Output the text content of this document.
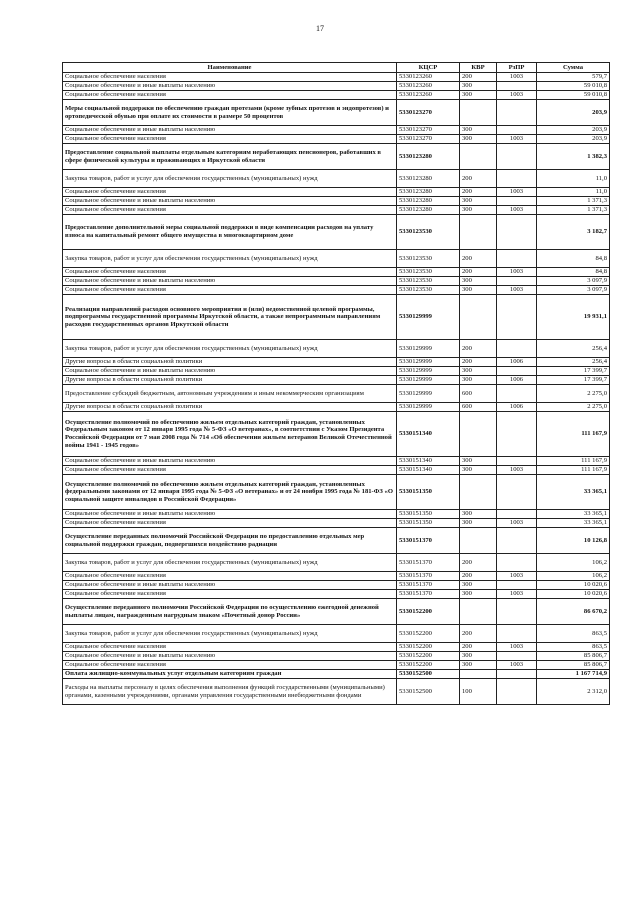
17
Наименование	КЦСР	КВР	РзПР	Сумма
Социальное обеспечение населения	5330123260	200	1003	579,7
Социальное обеспечение и иные выплаты населению	5330123260	300		59 010,8
Социальное обеспечение населения	5330123260	300	1003	59 010,8
Меры социальной поддержки по обеспечению граждан протезами (кроме зубных протезов и эндопротезов) и ортопедической обувью при оплате их стоимости в размере 50 процентов	5330123270			203,9
Социальное обеспечение и иные выплаты населению	5330123270	300		203,9
Социальное обеспечение населения	5330123270	300	1003	203,9
Предоставление социальной выплаты отдельным категориям неработающих пенсионеров, работавших в сфере физической культуры и проживающих в Иркутской области	5330123280			1 382,3
Закупка товаров, работ и услуг для обеспечения государственных (муниципальных) нужд	5330123280	200		11,0
Социальное обеспечение населения	5330123280	200	1003	11,0
Социальное обеспечение и иные выплаты населению	5330123280	300		1 371,3
Социальное обеспечение населения	5330123280	300	1003	1 371,3
Предоставление дополнительной меры социальной поддержки в виде компенсации расходов на уплату взноса на капитальный ремонт общего имущества в многоквартирном доме	5330123530			3 182,7
Закупка товаров, работ и услуг для обеспечения государственных (муниципальных) нужд	5330123530	200		84,8
Социальное обеспечение населения	5330123530	200	1003	84,8
Социальное обеспечение и иные выплаты населению	5330123530	300		3 097,9
Социальное обеспечение населения	5330123530	300	1003	3 097,9
Реализация направлений расходов основного мероприятия и (или) ведомственной целевой программы, подпрограммы государственной программы Иркутской области, а также непрограммным направлениям расходов государственных органов Иркутской области	5330129999			19 931,1
Закупка товаров, работ и услуг для обеспечения государственных (муниципальных) нужд	5330129999	200		256,4
Другие вопросы в области социальной политики	5330129999	200	1006	256,4
Социальное обеспечение и иные выплаты населению	5330129999	300		17 399,7
Другие вопросы в области социальной политики	5330129999	300	1006	17 399,7
Предоставление субсидий бюджетным, автономным учреждениям и иным некоммерческим организациям	5330129999	600		2 275,0
Другие вопросы в области социальной политики	5330129999	600	1006	2 275,0
Осуществление полномочий по обеспечению жильем отдельных категорий граждан, установленных Федеральным законом от 12 января 1995 года № 5-ФЗ «О ветеранах», в соответствии с Указом Президента Российской Федерации от 7 мая 2008 года № 714 «Об обеспечении жильем ветеранов Великой Отечественной войны 1941 - 1945 годов»	5330151340			111 167,9
Социальное обеспечение и иные выплаты населению	5330151340	300		111 167,9
Социальное обеспечение населения	5330151340	300	1003	111 167,9
Осуществление полномочий по обеспечению жильем отдельных категорий граждан, установленных федеральными законами от 12 января 1995 года № 5-ФЗ «О ветеранах» и от 24 ноября 1995 года № 181-ФЗ «О социальной защите инвалидов в Российской Федерации»	5330151350			33 365,1
Социальное обеспечение и иные выплаты населению	5330151350	300		33 365,1
Социальное обеспечение населения	5330151350	300	1003	33 365,1
Осуществление переданных полномочий Российской Федерации по предоставлению отдельных мер социальной поддержки граждан, подвергшихся воздействию радиации	5330151370			10 126,8
Закупка товаров, работ и услуг для обеспечения государственных (муниципальных) нужд	5330151370	200		106,2
Социальное обеспечение населения	5330151370	200	1003	106,2
Социальное обеспечение и иные выплаты населению	5330151370	300		10 020,6
Социальное обеспечение населения	5330151370	300	1003	10 020,6
Осуществление переданного полномочия Российской Федерации по осуществлению ежегодной денежной выплаты лицам, награжденным нагрудным знаком «Почетный донор России»	5330152200			86 670,2
Закупка товаров, работ и услуг для обеспечения государственных (муниципальных) нужд	5330152200	200		863,5
Социальное обеспечение населения	5330152200	200	1003	863,5
Социальное обеспечение и иные выплаты населению	5330152200	300		85 806,7
Социальное обеспечение населения	5330152200	300	1003	85 806,7
Оплата жилищно-коммунальных услуг отдельным категориям граждан	5330152500			1 167 714,9
Расходы на выплаты персоналу в целях обеспечения выполнения функций государственными (муниципальными) органами, казенными учреждениями, органами управления государственными внебюджетными фондами	5330152500	100		2 312,0
